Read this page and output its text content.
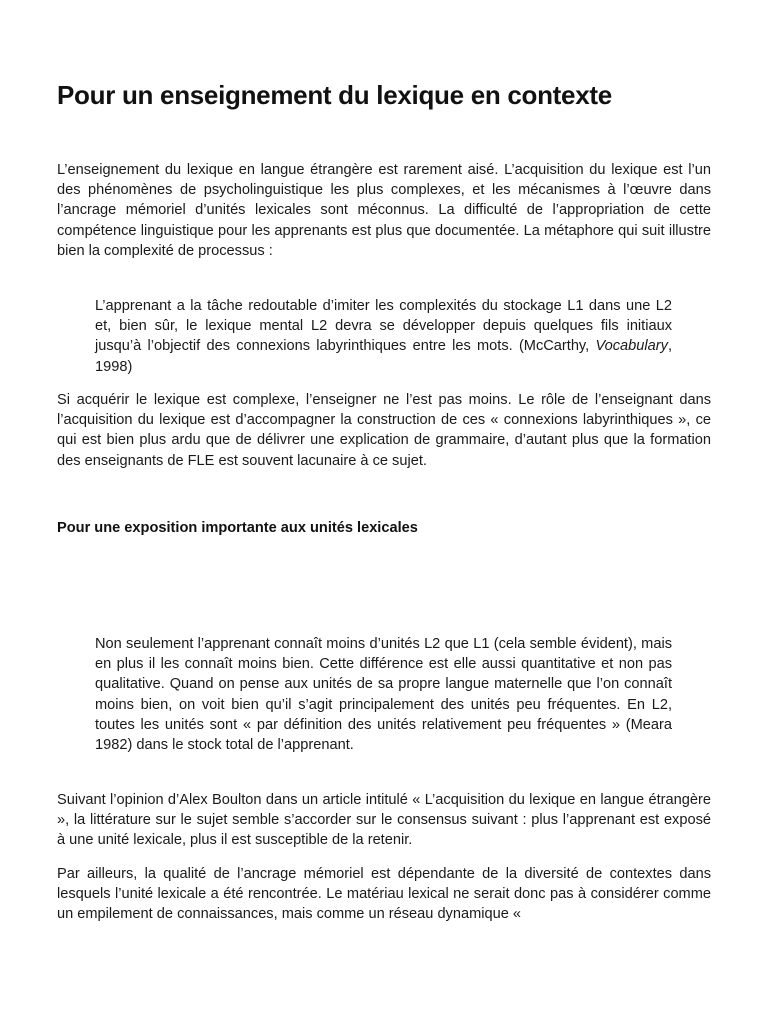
Pour un enseignement du lexique en contexte

L’enseignement du lexique en langue étrangère est rarement aisé. L’acquisition du lexique est l’un des phénomènes de psycholinguistique les plus complexes, et les mécanismes à l’œuvre dans l’ancrage mémoriel d’unités lexicales sont méconnus. La difficulté de l’appropriation de cette compétence linguistique pour les apprenants est plus que documentée. La métaphore qui suit illustre bien la complexité de processus :

L’apprenant a la tâche redoutable d’imiter les complexités du stockage L1 dans une L2 et, bien sûr, le lexique mental L2 devra se développer depuis quelques fils initiaux jusqu’à l’objectif des connexions labyrinthiques entre les mots. (McCarthy, Vocabulary, 1998)

Si acquérir le lexique est complexe, l’enseigner ne l’est pas moins. Le rôle de l’enseignant dans l’acquisition du lexique est d’accompagner la construction de ces « connexions labyrinthiques », ce qui est bien plus ardu que de délivrer une explication de grammaire, d’autant plus que la formation des enseignants de FLE est souvent lacunaire à ce sujet.

Pour une exposition importante aux unités lexicales

Non seulement l’apprenant connaît moins d’unités L2 que L1 (cela semble évident), mais en plus il les connaît moins bien. Cette différence est elle aussi quantitative et non pas qualitative. Quand on pense aux unités de sa propre langue maternelle que l’on connaît moins bien, on voit bien qu’il s’agit principalement des unités peu fréquentes. En L2, toutes les unités sont « par définition des unités relativement peu fréquentes » (Meara 1982) dans le stock total de l’apprenant.

Suivant l’opinion d’Alex Boulton dans un article intitulé « L’acquisition du lexique en langue étrangère », la littérature sur le sujet semble s’accorder sur le consensus suivant : plus l’apprenant est exposé à une unité lexicale, plus il est susceptible de la retenir.

Par ailleurs, la qualité de l’ancrage mémoriel est dépendante de la diversité de contextes dans lesquels l’unité lexicale a été rencontrée. Le matériau lexical ne serait donc pas à considérer comme un empilement de connaissances, mais comme un réseau dynamique «
